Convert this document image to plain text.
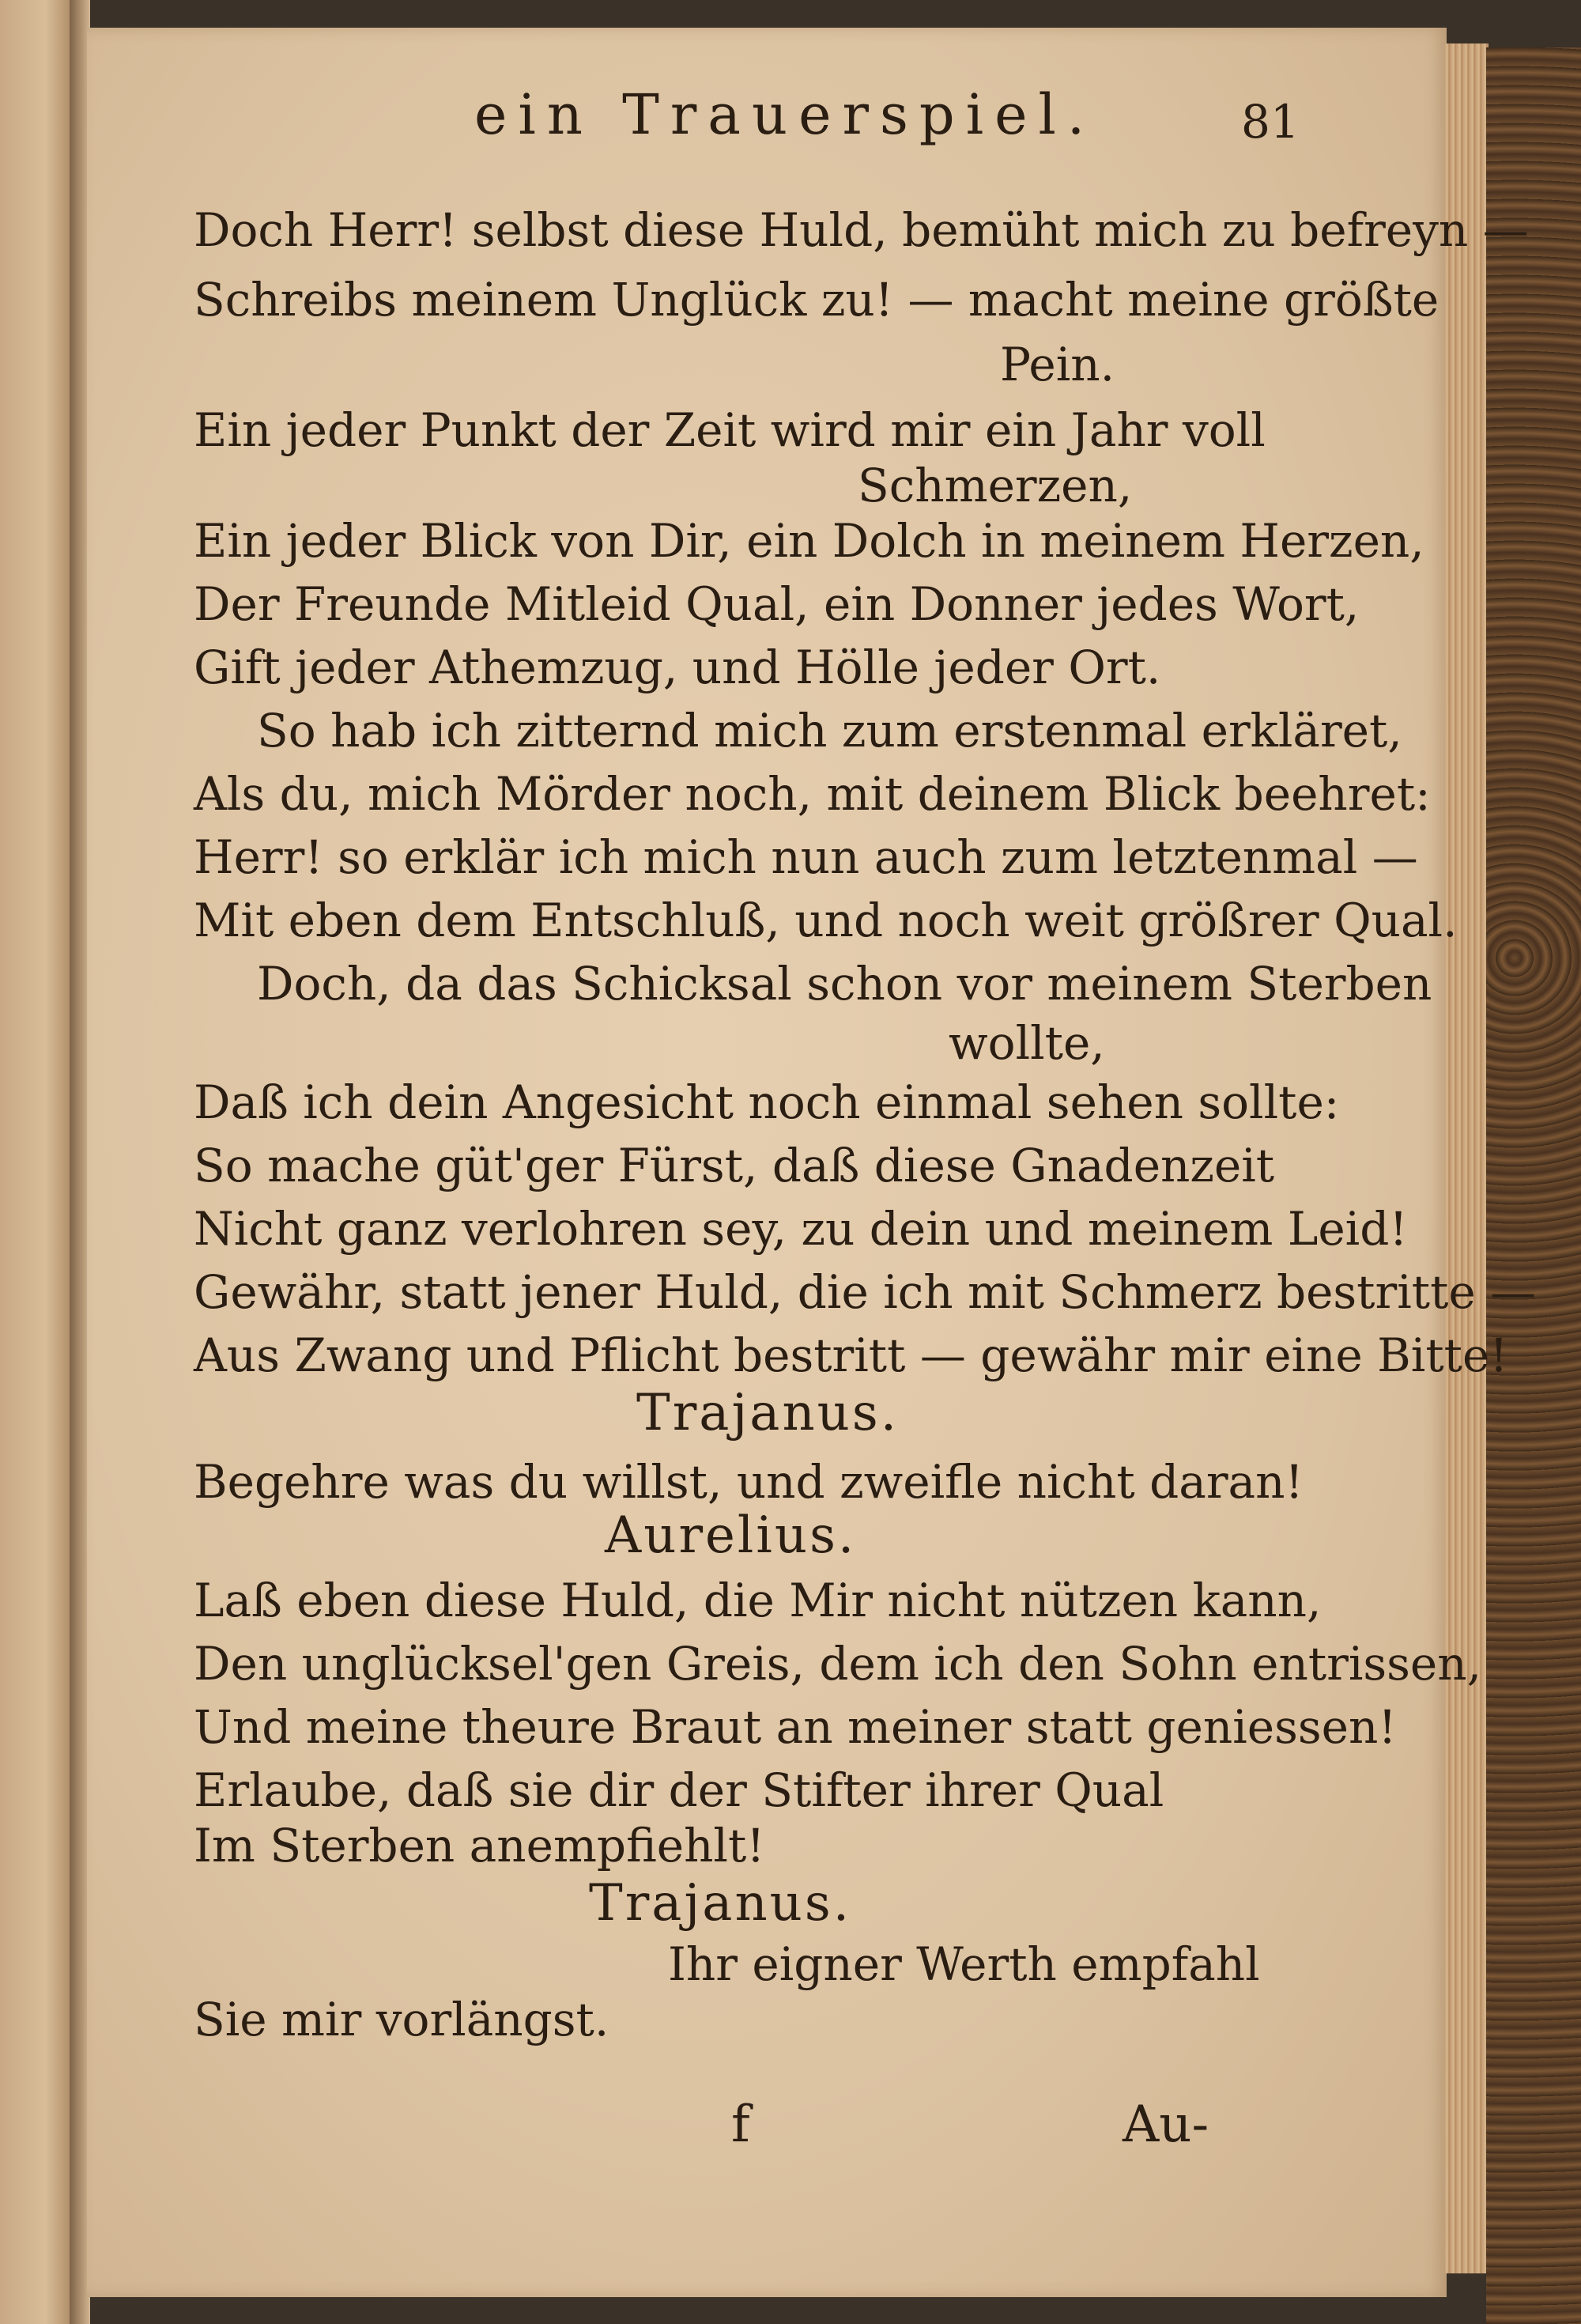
ein Trauerspiel.	81
Doch Herr! selbst diese Huld, bemüht mich zu befreyn —
Schreibs meinem Unglück zu! — macht meine größte
Pein.
Ein jeder Punkt der Zeit wird mir ein Jahr voll
Schmerzen,
Ein jeder Blick von Dir, ein Dolch in meinem Herzen,
Der Freunde Mitleid Qual, ein Donner jedes Wort,
Gift jeder Athemzug, und Hölle jeder Ort.
So hab ich zitternd mich zum erstenmal erkläret,
Als du, mich Mörder noch, mit deinem Blick beehret:
Herr! so erklär ich mich nun auch zum letztenmal —
Mit eben dem Entschluß, und noch weit größrer Qual.
Doch, da das Schicksal schon vor meinem Sterben
wollte,
Daß ich dein Angesicht noch einmal sehen sollte:
So mache güt'ger Fürst, daß diese Gnadenzeit
Nicht ganz verlohren sey, zu dein und meinem Leid!
Gewähr, statt jener Huld, die ich mit Schmerz bestritte —
Aus Zwang und Pflicht bestritt — gewähr mir eine Bitte!
Trajanus.
Begehre was du willst, und zweifle nicht daran!
Aurelius.
Laß eben diese Huld, die Mir nicht nützen kann,
Den unglücksel'gen Greis, dem ich den Sohn entrissen,
Und meine theure Braut an meiner statt geniessen!
Erlaube, daß sie dir der Stifter ihrer Qual
Im Sterben anempfiehlt!
Trajanus.
Ihr eigner Werth empfahl
Sie mir vorlängst.
f	Au-
